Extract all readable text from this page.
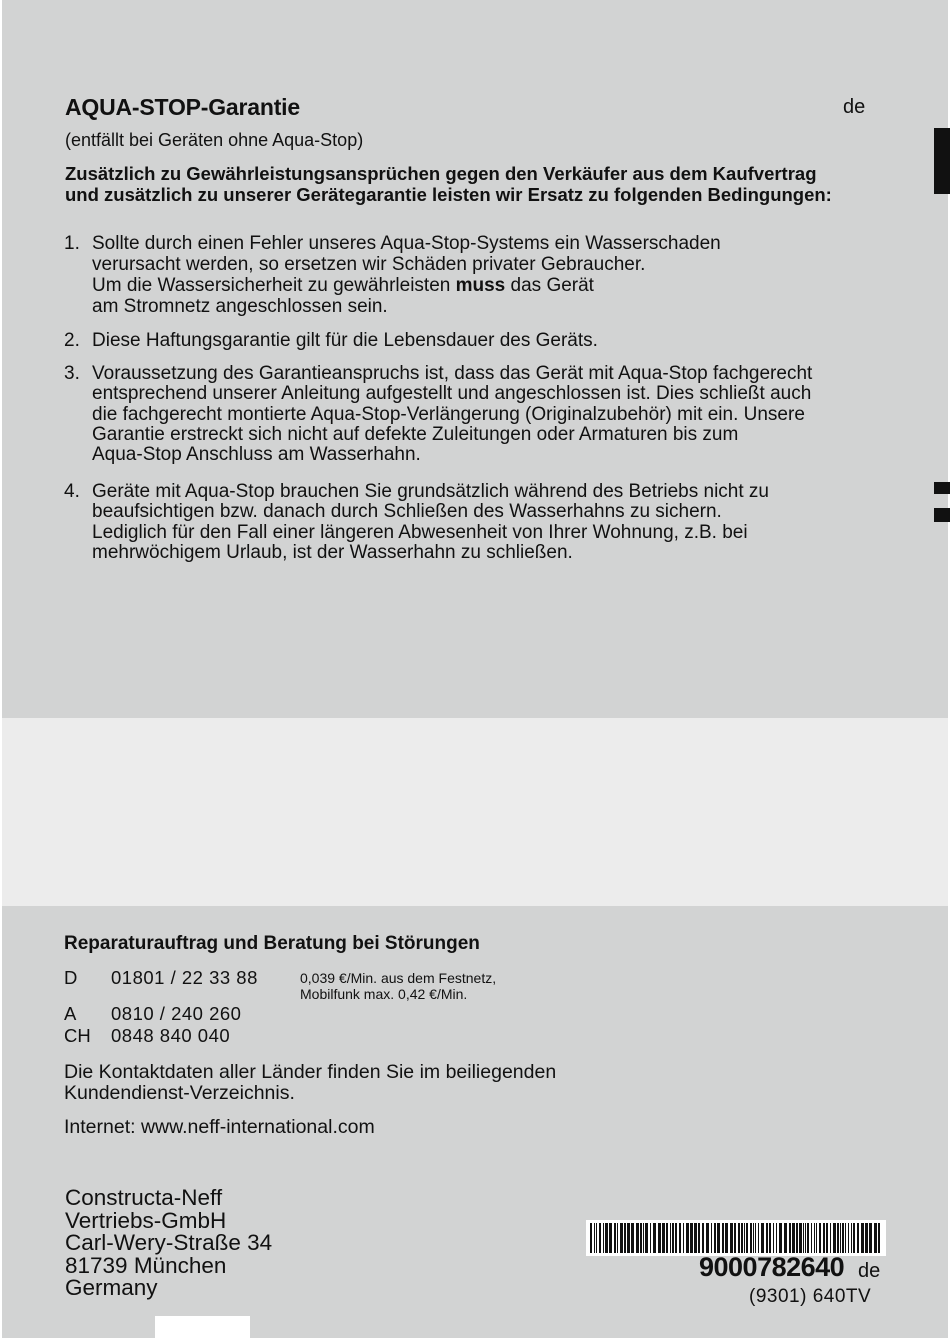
AQUA-STOP-Garantie	de
(entfällt bei Geräten ohne Aqua-Stop)
Zusätzlich zu Gewährleistungsansprüchen gegen den Verkäufer aus dem Kaufvertrag
und zusätzlich zu unserer Gerätegarantie leisten wir Ersatz zu folgenden Bedingungen:
1. Sollte durch einen Fehler unseres Aqua-Stop-Systems ein Wasserschaden
verursacht werden, so ersetzen wir Schäden privater Gebraucher.
Um die Wassersicherheit zu gewährleisten muss das Gerät
am Stromnetz angeschlossen sein.
2. Diese Haftungsgarantie gilt für die Lebensdauer des Geräts.
3. Voraussetzung des Garantieanspruchs ist, dass das Gerät mit Aqua-Stop fachgerecht
entsprechend unserer Anleitung aufgestellt und angeschlossen ist. Dies schließt auch
die fachgerecht montierte Aqua-Stop-Verlängerung (Originalzubehör) mit ein. Unsere
Garantie erstreckt sich nicht auf defekte Zuleitungen oder Armaturen bis zum
Aqua-Stop Anschluss am Wasserhahn.
4. Geräte mit Aqua-Stop brauchen Sie grundsätzlich während des Betriebs nicht zu
beaufsichtigen bzw. danach durch Schließen des Wasserhahns zu sichern.
Lediglich für den Fall einer längeren Abwesenheit von Ihrer Wohnung, z.B. bei
mehrwöchigem Urlaub, ist der Wasserhahn zu schließen.
Reparaturauftrag und Beratung bei Störungen
D 01801 / 22 33 88	0,039 €/Min. aus dem Festnetz,
Mobilfunk max. 0,42 €/Min.
A 0810 / 240 260
CH 0848 840 040
Die Kontaktdaten aller Länder finden Sie im beiliegenden
Kundendienst-Verzeichnis.
Internet: www.neff-international.com
Constructa-Neff
Vertriebs-GmbH
Carl-Wery-Straße 34
81739 München
Germany
9000782640 de
(9301) 640TV
